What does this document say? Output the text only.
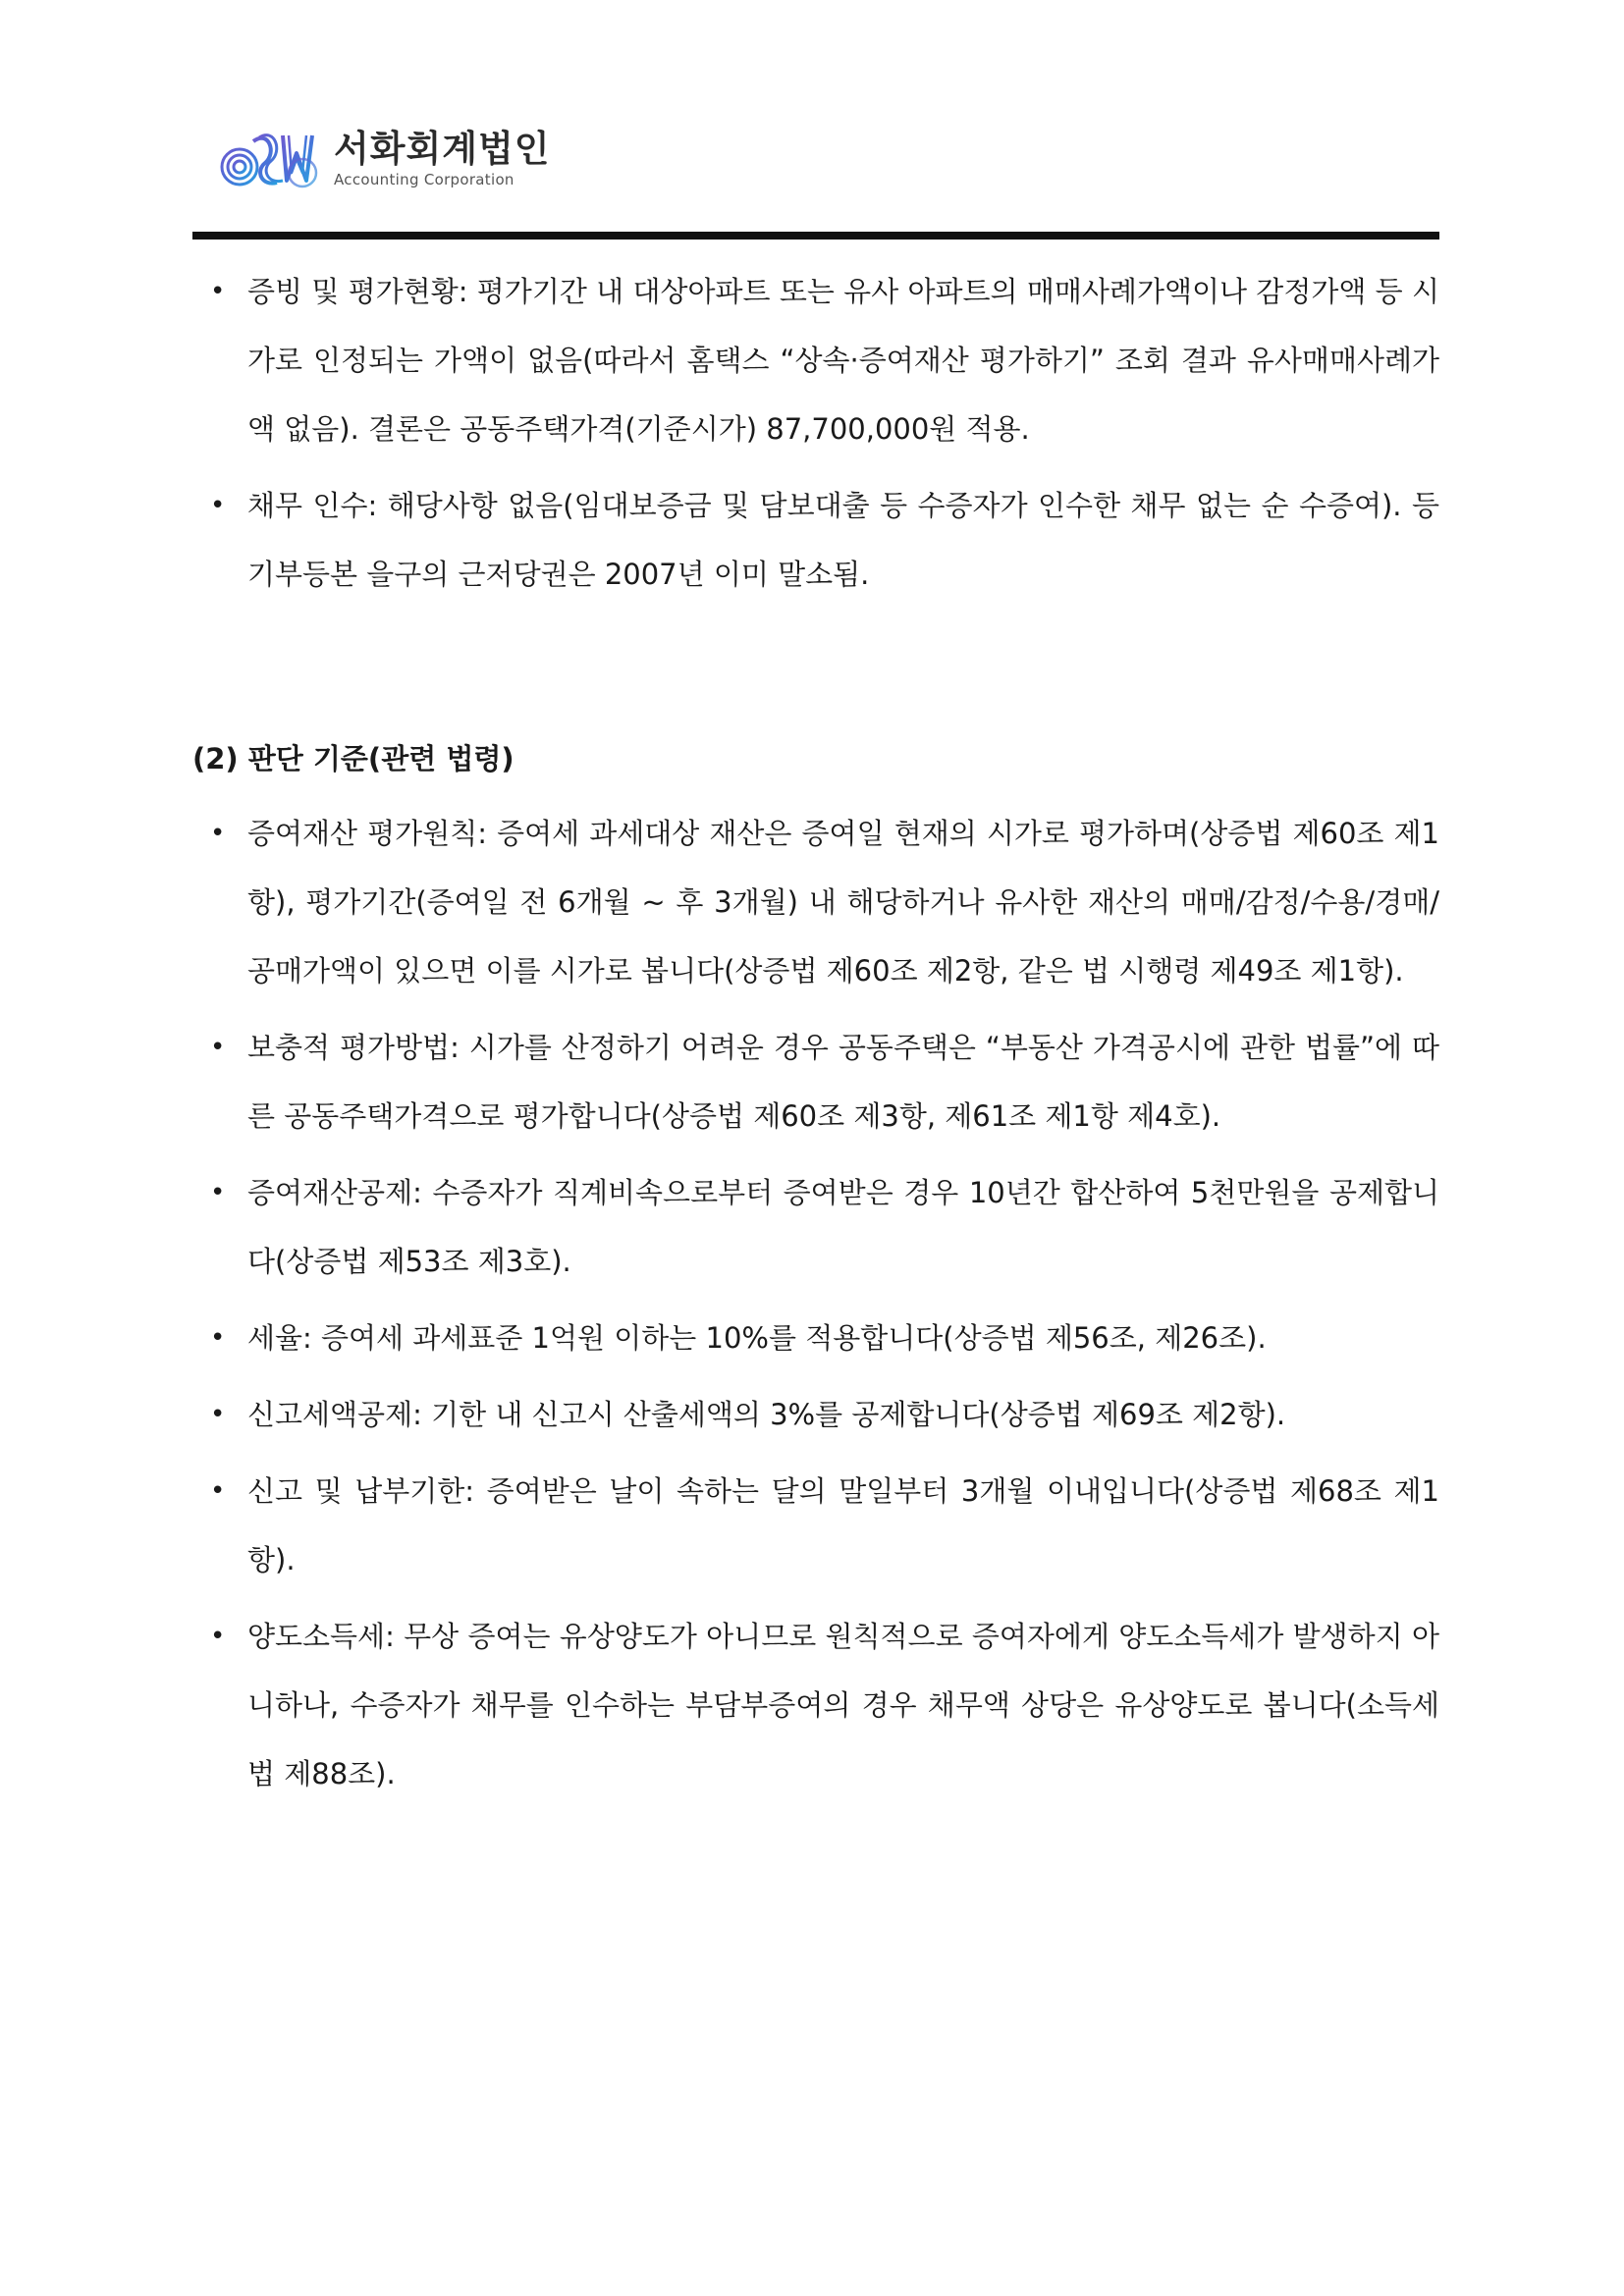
서화회계법인
Accounting Corporation
• 증빙 및 평가현황: 평가기간 내 대상아파트 또는 유사 아파트의 매매사례가액이나 감정가액 등 시가로 인정되는 가액이 없음(따라서 홈택스 “상속·증여재산 평가하기” 조회 결과 유사매매사례가액 없음). 결론은 공동주택가격(기준시가) 87,700,000원 적용.
• 채무 인수: 해당사항 없음(임대보증금 및 담보대출 등 수증자가 인수한 채무 없는 순 수증여). 등기부등본 을구의 근저당권은 2007년 이미 말소됨.
(2) 판단 기준(관련 법령)
• 증여재산 평가원칙: 증여세 과세대상 재산은 증여일 현재의 시가로 평가하며(상증법 제60조 제1항), 평가기간(증여일 전 6개월 ~ 후 3개월) 내 해당하거나 유사한 재산의 매매/감정/수용/경매/공매가액이 있으면 이를 시가로 봅니다(상증법 제60조 제2항, 같은 법 시행령 제49조 제1항).
• 보충적 평가방법: 시가를 산정하기 어려운 경우 공동주택은 “부동산 가격공시에 관한 법률”에 따른 공동주택가격으로 평가합니다(상증법 제60조 제3항, 제61조 제1항 제4호).
• 증여재산공제: 수증자가 직계비속으로부터 증여받은 경우 10년간 합산하여 5천만원을 공제합니다(상증법 제53조 제3호).
• 세율: 증여세 과세표준 1억원 이하는 10%를 적용합니다(상증법 제56조, 제26조).
• 신고세액공제: 기한 내 신고시 산출세액의 3%를 공제합니다(상증법 제69조 제2항).
• 신고 및 납부기한: 증여받은 날이 속하는 달의 말일부터 3개월 이내입니다(상증법 제68조 제1항).
• 양도소득세: 무상 증여는 유상양도가 아니므로 원칙적으로 증여자에게 양도소득세가 발생하지 아니하나, 수증자가 채무를 인수하는 부담부증여의 경우 채무액 상당은 유상양도로 봅니다(소득세법 제88조).
